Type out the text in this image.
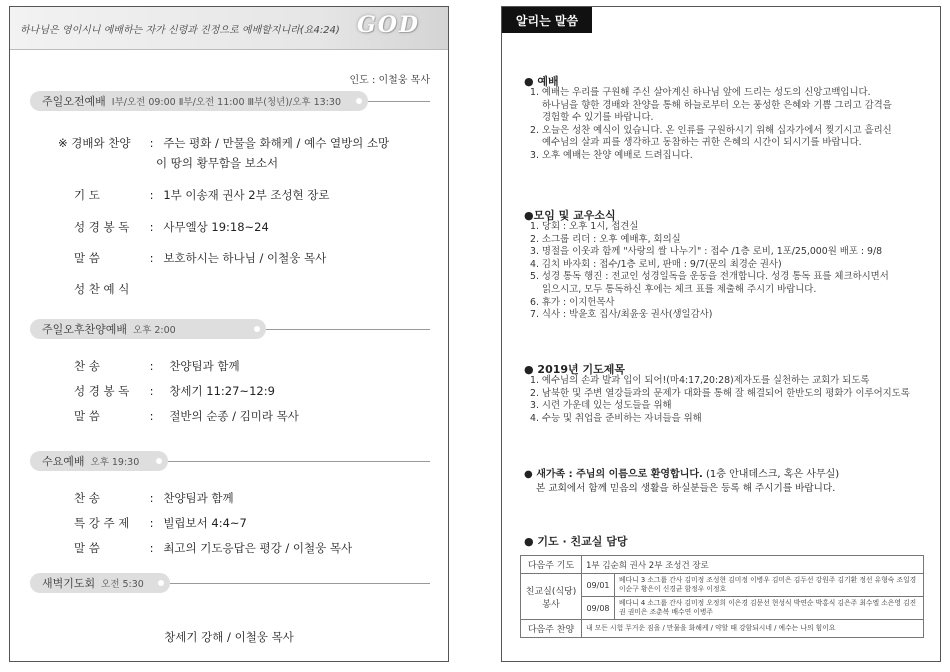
하나님은 영이시니 예배하는 자가 신령과 진정으로 예배할지니라(요4:24) GOD
인도 : 이철웅 목사
주일오전예배 Ⅰ부/오전 09:00 Ⅱ부/오전 11:00 Ⅲ부(청년)/오후 13:30
※ 경배와 찬양 : 주는 평화 / 만물을 화해케 / 예수 열방의 소망
이 땅의 황무함을 보소서
기 도	: 1부 이송재 권사 2부 조성현 장로
성 경 봉 독 : 사무엘상 19:18~24
말 씀	: 보호하시는 하나님 / 이철웅 목사
성 찬 예 식
주일오후찬양예배 오후 2:00
찬 송	: 찬양팀과 함께
성 경 봉 독 : 창세기 11:27~12:9
말 씀	: 절반의 순종 / 김미라 목사
수요예배 오후 19:30
찬 송	: 찬양팀과 함께
특 강 주 제 : 빌립보서 4:4~7
말 씀	: 최고의 기도응답은 평강 / 이철웅 목사
새벽기도회 오전 5:30
창세기 강해 / 이철웅 목사
알리는 말씀
● 예배
1. 예배는 우리를 구원해 주신 살아계신 하나님 앞에 드리는 성도의 신앙고백입니다.
하나님을 향한 경배와 찬양을 통해 하늘로부터 오는 풍성한 은혜와 기쁨 그리고 감격을
경험할 수 있기를 바랍니다.
2. 오늘은 성찬 예식이 있습니다. 온 인류를 구원하시기 위해 십자가에서 찢기시고 흘리신
예수님의 살과 피를 생각하고 동참하는 귀한 은혜의 시간이 되시기를 바랍니다.
3. 오후 예배는 찬양 예배로 드려집니다.
●모임 및 교우소식
1. 당회 : 오후 1시, 접견실
2. 소그룹 리더 : 오후 예배후, 회의실
3. 명절을 이웃과 함께 "사랑의 쌀 나누기" : 접수 /1층 로비, 1포/25,000원 배포 : 9/8
4. 김치 바자회 : 접수/1층 로비, 판매 : 9/7(문의 최경순 권사)
5. 성경 통독 행진 : 전교인 성경일독을 운동을 전개합니다. 성경 통독 표를 체크하시면서
읽으시고, 모두 통독하신 후에는 체크 표를 제출해 주시기 바랍니다.
6. 휴가 : 이지헌목사
7. 식사 : 박윤호 집사/최윤웅 권사(생일감사)
● 2019년 기도제목
1. 예수님의 손과 발과 입이 되어!(마4:17,20:28)제자도를 실천하는 교회가 되도록
2. 남북한 및 주변 열강들과의 문제가 대화를 통해 잘 해결되어 한반도의 평화가 이루어지도록
3. 시련 가운데 있는 성도들을 위해
4. 수능 및 취업을 준비하는 자녀들을 위해
● 새가족 : 주님의 이름으로 환영합니다. (1층 안내데스크, 혹은 사무실)
본 교회에서 함께 믿음의 생활을 하실분들은 등록 해 주시기를 바랍니다.
● 기도 · 친교실 담당
다음주 기도	1부 김순희 권사 2부 조성건 장로	
친교실(식당) 봉사	09/01	베다니 3 소그룹 간사 김미정 조성현 김미정 이병우 김미은 김두선 강원주 김기환 정선 유형숙 조일경 이순구 황은이 신경균 함정우 이정호
	09/08	베다니 4 소그룹 간사 김미정 오정희 이은경 김문선 현성식 박연순 박홍식 김은주 최수엘 소은영 김진권 권미은 조춘복 배수연 이병주
다음주 찬양	내 모든 시험 무거운 짐을 / 만물을 화해케 / 약할 때 강함되시네 / 예수는 나의 힘이요	
